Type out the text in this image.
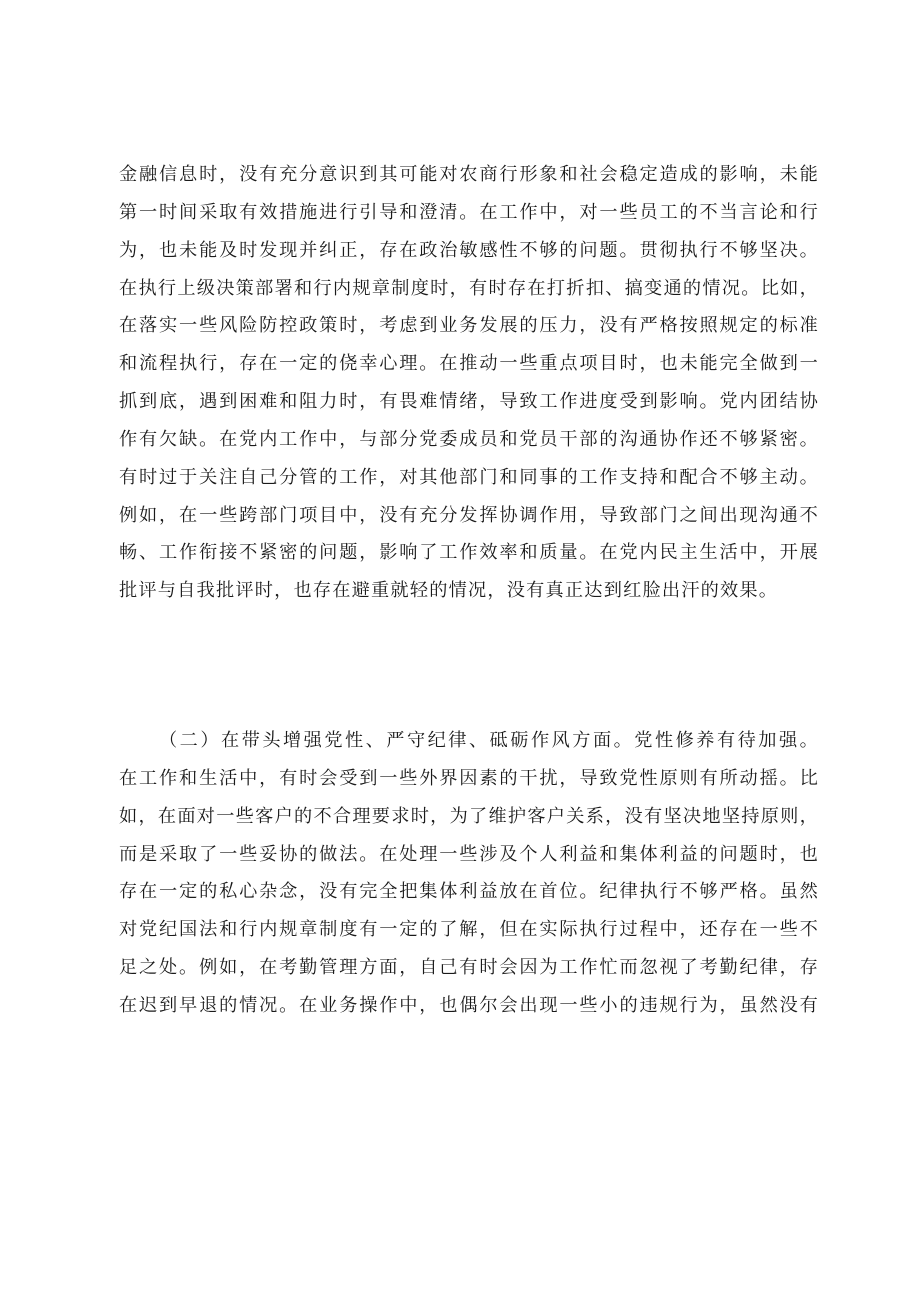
金融信息时，没有充分意识到其可能对农商行形象和社会稳定造成的影响，未能
第一时间采取有效措施进行引导和澄清。在工作中，对一些员工的不当言论和行
为，也未能及时发现并纠正，存在政治敏感性不够的问题。贯彻执行不够坚决。
在执行上级决策部署和行内规章制度时，有时存在打折扣、搞变通的情况。比如，
在落实一些风险防控政策时，考虑到业务发展的压力，没有严格按照规定的标准
和流程执行，存在一定的侥幸心理。在推动一些重点项目时，也未能完全做到一
抓到底，遇到困难和阻力时，有畏难情绪，导致工作进度受到影响。党内团结协
作有欠缺。在党内工作中，与部分党委成员和党员干部的沟通协作还不够紧密。
有时过于关注自己分管的工作，对其他部门和同事的工作支持和配合不够主动。
例如，在一些跨部门项目中，没有充分发挥协调作用，导致部门之间出现沟通不
畅、工作衔接不紧密的问题，影响了工作效率和质量。在党内民主生活中，开展
批评与自我批评时，也存在避重就轻的情况，没有真正达到红脸出汗的效果。
（二）在带头增强党性、严守纪律、砥砺作风方面。党性修养有待加强。
在工作和生活中，有时会受到一些外界因素的干扰，导致党性原则有所动摇。比
如，在面对一些客户的不合理要求时，为了维护客户关系，没有坚决地坚持原则，
而是采取了一些妥协的做法。在处理一些涉及个人利益和集体利益的问题时，也
存在一定的私心杂念，没有完全把集体利益放在首位。纪律执行不够严格。虽然
对党纪国法和行内规章制度有一定的了解，但在实际执行过程中，还存在一些不
足之处。例如，在考勤管理方面，自己有时会因为工作忙而忽视了考勤纪律，存
在迟到早退的情况。在业务操作中，也偶尔会出现一些小的违规行为，虽然没有
